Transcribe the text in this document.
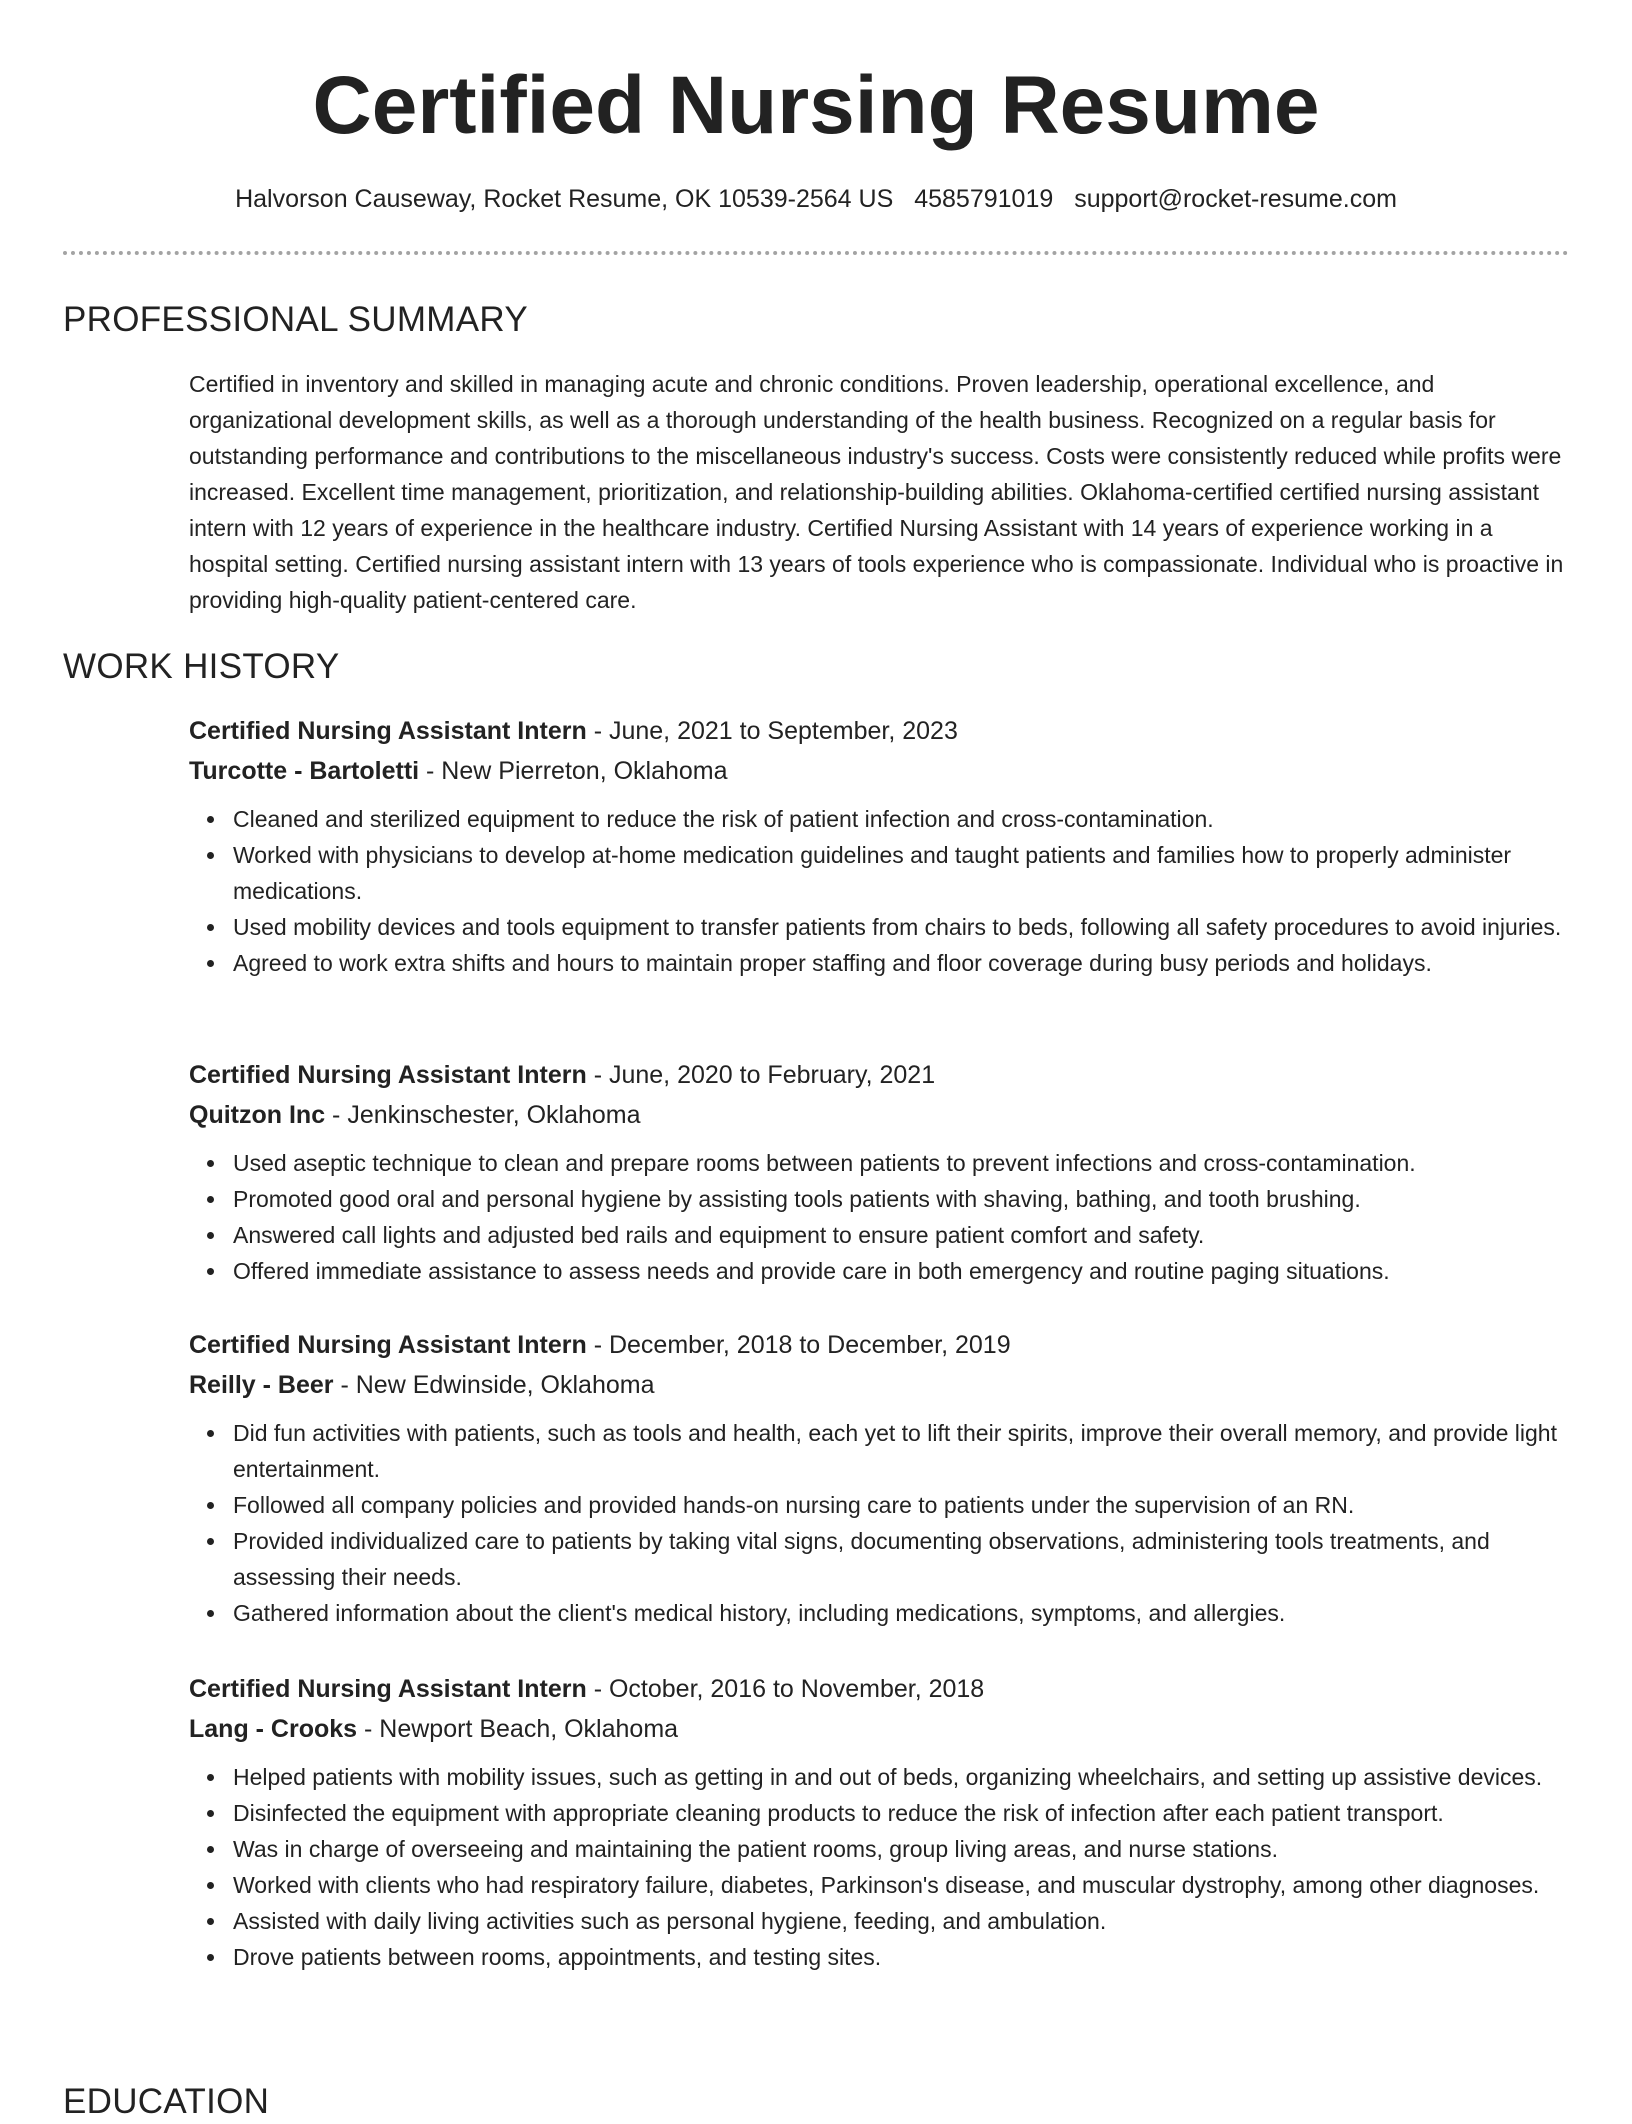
Certified Nursing Resume
Halvorson Causeway, Rocket Resume, OK 10539-2564 US 4585791019 support@rocket-resume.com
PROFESSIONAL SUMMARY

Certified in inventory and skilled in managing acute and chronic conditions. Proven leadership, operational excellence, and organizational development skills, as well as a thorough understanding of the health business. Recognized on a regular basis for outstanding performance and contributions to the miscellaneous industry's success. Costs were consistently reduced while profits were increased. Excellent time management, prioritization, and relationship-building abilities. Oklahoma-certified certified nursing assistant intern with 12 years of experience in the healthcare industry. Certified Nursing Assistant with 14 years of experience working in a hospital setting. Certified nursing assistant intern with 13 years of tools experience who is compassionate. Individual who is proactive in providing high-quality patient-centered care.

WORK HISTORY
Certified Nursing Assistant Intern - June, 2021 to September, 2023
Turcotte - Bartoletti - New Pierreton, Oklahoma
Cleaned and sterilized equipment to reduce the risk of patient infection and cross-contamination.
Worked with physicians to develop at-home medication guidelines and taught patients and families how to properly administer medications.
Used mobility devices and tools equipment to transfer patients from chairs to beds, following all safety procedures to avoid injuries.
Agreed to work extra shifts and hours to maintain proper staffing and floor coverage during busy periods and holidays.
Certified Nursing Assistant Intern - June, 2020 to February, 2021
Quitzon Inc - Jenkinschester, Oklahoma
Used aseptic technique to clean and prepare rooms between patients to prevent infections and cross-contamination.
Promoted good oral and personal hygiene by assisting tools patients with shaving, bathing, and tooth brushing.
Answered call lights and adjusted bed rails and equipment to ensure patient comfort and safety.
Offered immediate assistance to assess needs and provide care in both emergency and routine paging situations.
Certified Nursing Assistant Intern - December, 2018 to December, 2019
Reilly - Beer - New Edwinside, Oklahoma
Did fun activities with patients, such as tools and health, each yet to lift their spirits, improve their overall memory, and provide light entertainment.
Followed all company policies and provided hands-on nursing care to patients under the supervision of an RN.
Provided individualized care to patients by taking vital signs, documenting observations, administering tools treatments, and assessing their needs.
Gathered information about the client's medical history, including medications, symptoms, and allergies.
Certified Nursing Assistant Intern - October, 2016 to November, 2018
Lang - Crooks - Newport Beach, Oklahoma
Helped patients with mobility issues, such as getting in and out of beds, organizing wheelchairs, and setting up assistive devices.
Disinfected the equipment with appropriate cleaning products to reduce the risk of infection after each patient transport.
Was in charge of overseeing and maintaining the patient rooms, group living areas, and nurse stations.
Worked with clients who had respiratory failure, diabetes, Parkinson's disease, and muscular dystrophy, among other diagnoses.
Assisted with daily living activities such as personal hygiene, feeding, and ambulation.
Drove patients between rooms, appointments, and testing sites.
EDUCATION
